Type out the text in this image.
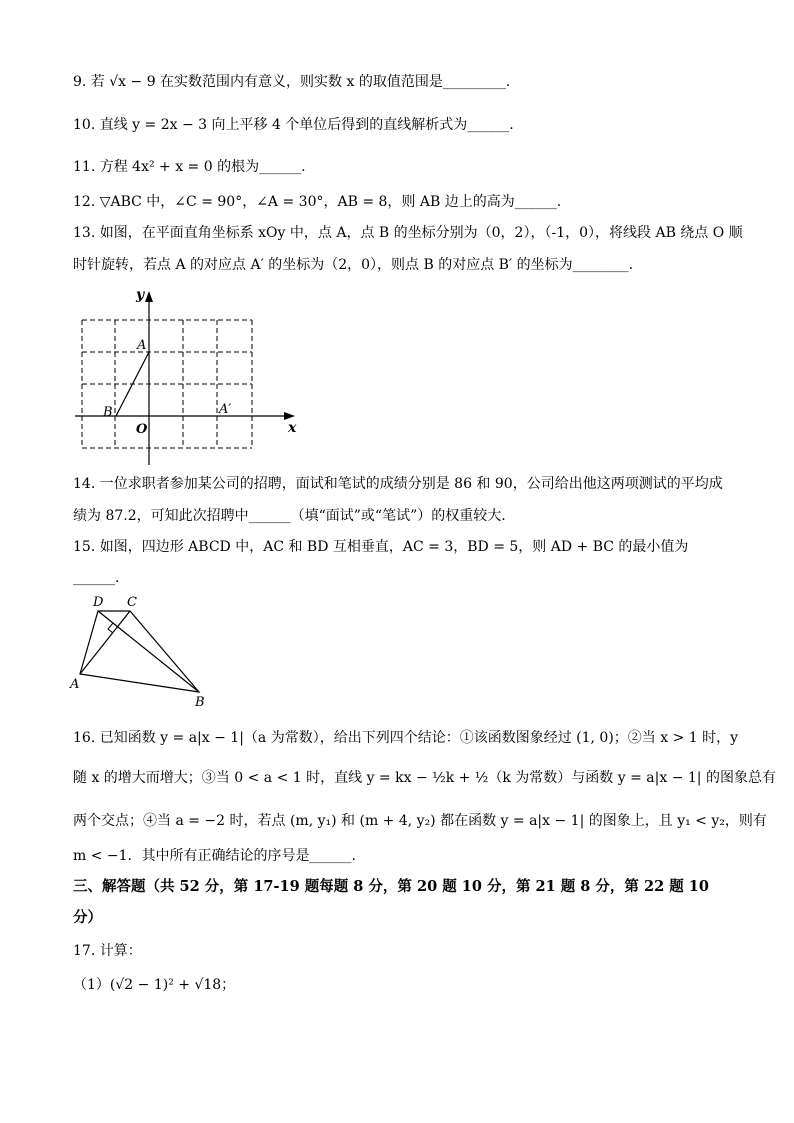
9. 若 √x − 9 在实数范围内有意义，则实数 x 的取值范围是_________.
10. 直线 y = 2x − 3 向上平移 4 个单位后得到的直线解析式为______.
11. 方程 4x² + x = 0 的根为______.
12. ▽ABC 中，∠C = 90°，∠A = 30°，AB = 8，则 AB 边上的高为______.
13. 如图，在平面直角坐标系 xOy 中，点 A，点 B 的坐标分别为（0，2），（-1，0），将线段 AB 绕点 O 顺
时针旋转，若点 A 的对应点 A′ 的坐标为（2，0），则点 B 的对应点 B′ 的坐标为________.
x
y
O
A
B	A′
14. 一位求职者参加某公司的招聘，面试和笔试的成绩分别是 86 和 90，公司给出他这两项测试的平均成
绩为 87.2，可知此次招聘中______（填“面试”或“笔试”）的权重较大.
15. 如图，四边形 ABCD 中，AC 和 BD 互相垂直，AC = 3，BD = 5，则 AD + BC 的最小值为
______.
A
B
C
D
16. 已知函数 y = a|x − 1|（a 为常数），给出下列四个结论：①该函数图象经过 (1, 0)；②当 x > 1 时，y
随 x 的增大而增大；③当 0 < a < 1 时，直线 y = kx − ½k + ½（k 为常数）与函数 y = a|x − 1| 的图象总有
两个交点；④当 a = −2 时，若点 (m, y₁) 和 (m + 4, y₂) 都在函数 y = a|x − 1| 的图象上，且 y₁ < y₂，则有
m < −1．其中所有正确结论的序号是______.
三、解答题（共 52 分，第 17-19 题每题 8 分，第 20 题 10 分，第 21 题 8 分，第 22 题 10
分）
17. 计算：
（1）(√2 − 1)² + √18；
